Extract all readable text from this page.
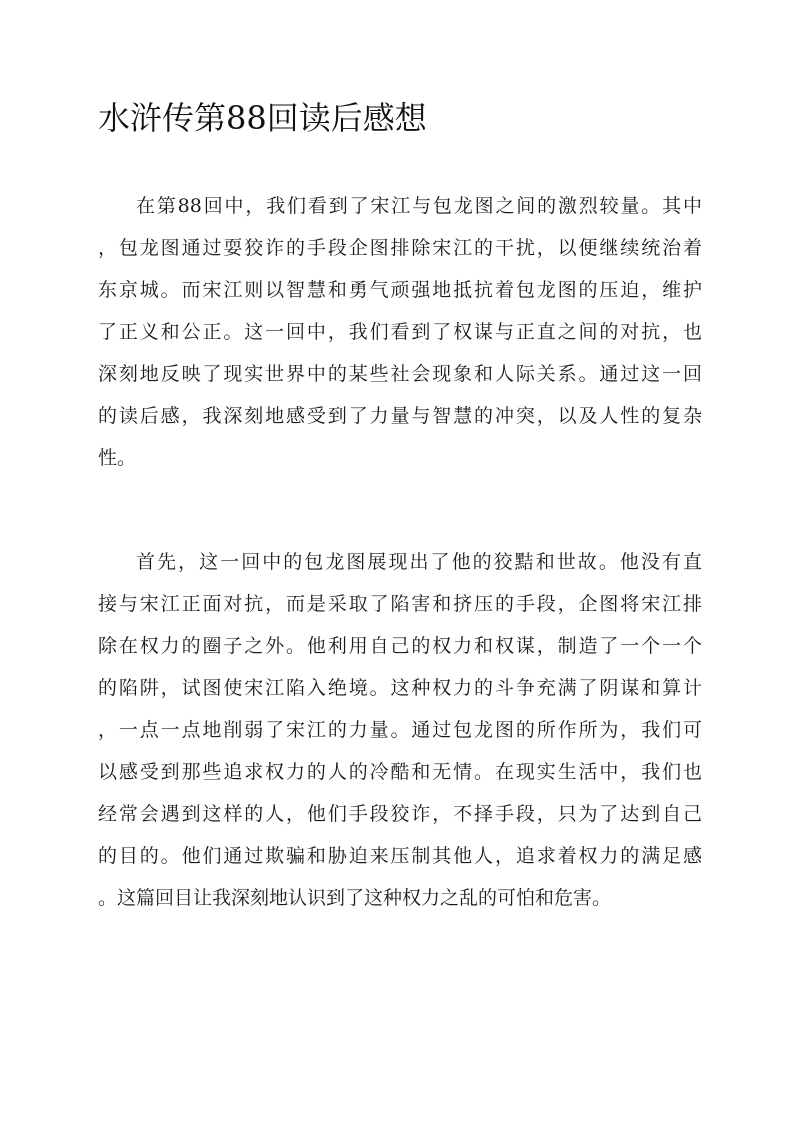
水浒传第88回读后感想
在第88回中，我们看到了宋江与包龙图之间的激烈较量。其中
，包龙图通过耍狡诈的手段企图排除宋江的干扰，以便继续统治着
东京城。而宋江则以智慧和勇气顽强地抵抗着包龙图的压迫，维护
了正义和公正。这一回中，我们看到了权谋与正直之间的对抗，也
深刻地反映了现实世界中的某些社会现象和人际关系。通过这一回
的读后感，我深刻地感受到了力量与智慧的冲突，以及人性的复杂
性。
首先，这一回中的包龙图展现出了他的狡黠和世故。他没有直
接与宋江正面对抗，而是采取了陷害和挤压的手段，企图将宋江排
除在权力的圈子之外。他利用自己的权力和权谋，制造了一个一个
的陷阱，试图使宋江陷入绝境。这种权力的斗争充满了阴谋和算计
，一点一点地削弱了宋江的力量。通过包龙图的所作所为，我们可
以感受到那些追求权力的人的冷酷和无情。在现实生活中，我们也
经常会遇到这样的人，他们手段狡诈，不择手段，只为了达到自己
的目的。他们通过欺骗和胁迫来压制其他人，追求着权力的满足感
。这篇回目让我深刻地认识到了这种权力之乱的可怕和危害。
